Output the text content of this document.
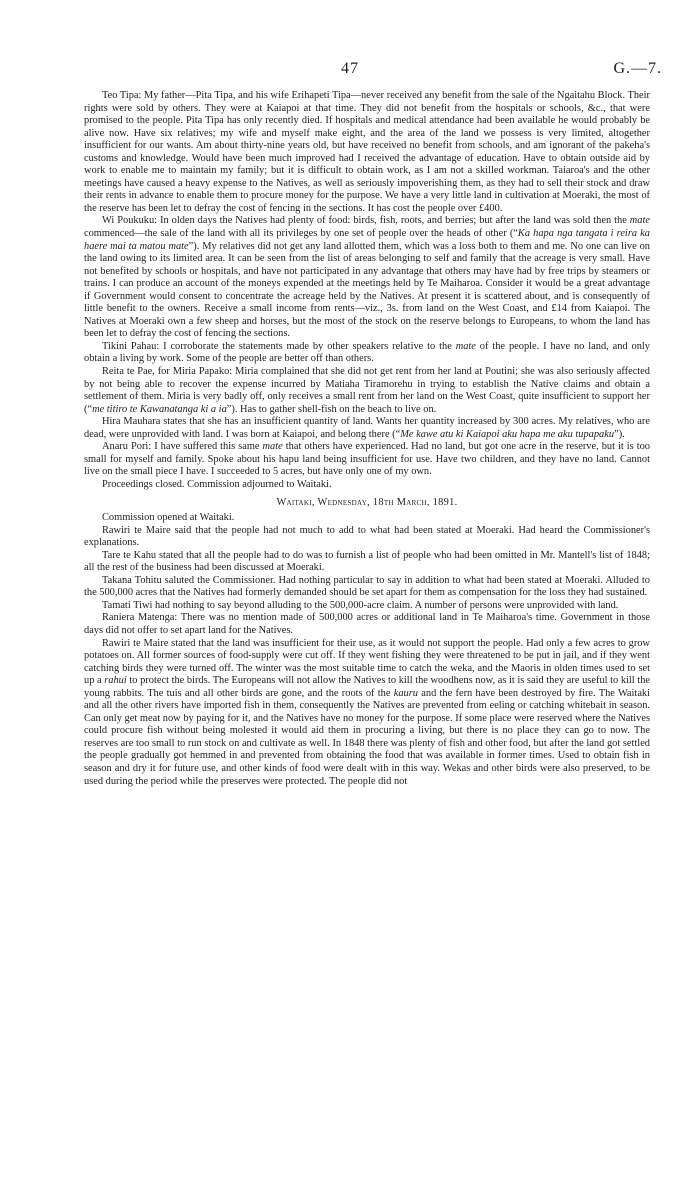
47	G.—7.

Teo Tipa: My father—Pita Tipa, and his wife Erihapeti Tipa—never received any benefit from the sale of the Ngaitahu Block. Their rights were sold by others. They were at Kaiapoi at that time. They did not benefit from the hospitals or schools, &c., that were promised to the people. Pita Tipa has only recently died. If hospitals and medical attendance had been available he would probably be alive now. Have six relatives; my wife and myself make eight, and the area of the land we possess is very limited, altogether insufficient for our wants. Am about thirty-nine years old, but have received no benefit from schools, and am ignorant of the pakeha's customs and knowledge. Would have been much improved had I received the advantage of education. Have to obtain outside aid by work to enable me to maintain my family; but it is difficult to obtain work, as I am not a skilled workman. Taiaroa's and the other meetings have caused a heavy expense to the Natives, as well as seriously impoverishing them, as they had to sell their stock and draw their rents in advance to enable them to procure money for the purpose. We have a very little land in cultivation at Moeraki, the most of the reserve has been let to defray the cost of fencing in the sections. It has cost the people over £400.

Wi Poukuku: In olden days the Natives had plenty of food: birds, fish, roots, and berries; but after the land was sold then the mate commenced—the sale of the land with all its privileges by one set of people over the heads of other (“Ka hapa nga tangata i reira ka haere mai ta matou mate”). My relatives did not get any land allotted them, which was a loss both to them and me. No one can live on the land owing to its limited area. It can be seen from the list of areas belonging to self and family that the acreage is very small. Have not benefited by schools or hospitals, and have not participated in any advantage that others may have had by free trips by steamers or trains. I can produce an account of the moneys expended at the meetings held by Te Maiharoa. Consider it would be a great advantage if Government would consent to concentrate the acreage held by the Natives. At present it is scattered about, and is consequently of little benefit to the owners. Receive a small income from rents—viz., 3s. from land on the West Coast, and £14 from Kaiapoi. The Natives at Moeraki own a few sheep and horses, but the most of the stock on the reserve belongs to Europeans, to whom the land has been let to defray the cost of fencing the sections.

Tikini Pahau: I corroborate the statements made by other speakers relative to the mate of the people. I have no land, and only obtain a living by work. Some of the people are better off than others.

Reita te Pae, for Miria Papako: Miria complained that she did not get rent from her land at Poutini; she was also seriously affected by not being able to recover the expense incurred by Matiaha Tiramorehu in trying to establish the Native claims and obtain a settlement of them. Miria is very badly off, only receives a small rent from her land on the West Coast, quite insufficient to support her (“me titiro te Kawanatanga ki a ia”). Has to gather shell-fish on the beach to live on.

Hira Mauhara states that she has an insufficient quantity of land. Wants her quantity increased by 300 acres. My relatives, who are dead, were unprovided with land. I was born at Kaiapoi, and belong there (“Me kawe atu ki Kaiapoi aku hapa me aku tupapaku”).

Anaru Pori: I have suffered this same mate that others have experienced. Had no land, but got one acre in the reserve, but it is too small for myself and family. Spoke about his hapu land being insufficient for use. Have two children, and they have no land. Cannot live on the small piece I have. I succeeded to 5 acres, but have only one of my own.

Proceedings closed. Commission adjourned to Waitaki.

Waitaki, Wednesday, 18th March, 1891.

Commission opened at Waitaki.

Rawiri te Maire said that the people had not much to add to what had been stated at Moeraki. Had heard the Commissioner's explanations.

Tare te Kahu stated that all the people had to do was to furnish a list of people who had been omitted in Mr. Mantell's list of 1848; all the rest of the business had been discussed at Moeraki.

Takana Tohitu saluted the Commissioner. Had nothing particular to say in addition to what had been stated at Moeraki. Alluded to the 500,000 acres that the Natives had formerly demanded should be set apart for them as compensation for the loss they had sustained.

Tamati Tiwi had nothing to say beyond alluding to the 500,000-acre claim. A number of persons were unprovided with land.

Raniera Matenga: There was no mention made of 500,000 acres or additional land in Te Maiharoa's time. Government in those days did not offer to set apart land for the Natives.

Rawiri te Maire stated that the land was insufficient for their use, as it would not support the people. Had only a few acres to grow potatoes on. All former sources of food-supply were cut off. If they went fishing they were threatened to be put in jail, and if they went catching birds they were turned off. The winter was the most suitable time to catch the weka, and the Maoris in olden times used to set up a rahui to protect the birds. The Europeans will not allow the Natives to kill the woodhens now, as it is said they are useful to kill the young rabbits. The tuis and all other birds are gone, and the roots of the kauru and the fern have been destroyed by fire. The Waitaki and all the other rivers have imported fish in them, consequently the Natives are prevented from eeling or catching whitebait in season. Can only get meat now by paying for it, and the Natives have no money for the purpose. If some place were reserved where the Natives could procure fish without being molested it would aid them in procuring a living, but there is no place they can go to now. The reserves are too small to run stock on and cultivate as well. In 1848 there was plenty of fish and other food, but after the land got settled the people gradually got hemmed in and prevented from obtaining the food that was available in former times. Used to obtain fish in season and dry it for future use, and other kinds of food were dealt with in this way. Wekas and other birds were also preserved, to be used during the period while the preserves were protected. The people did not
